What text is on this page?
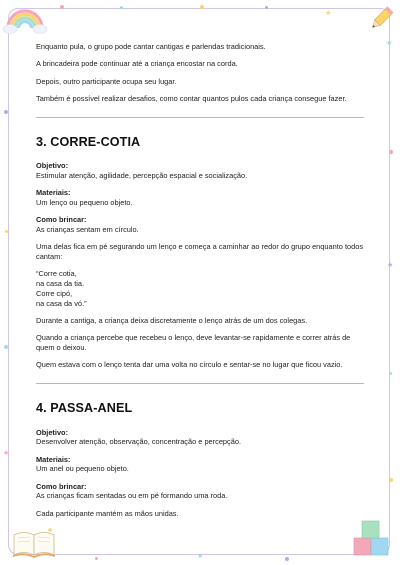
★
★
★
★
★

Enquanto pula, o grupo pode cantar cantigas e parlendas tradicionais.

A brincadeira pode continuar até a criança encostar na corda.

Depois, outro participante ocupa seu lugar.

Também é possível realizar desafios, como contar quantos pulos cada criança consegue fazer.

3. CORRE-COTIA

Objetivo:

Estimular atenção, agilidade, percepção espacial e socialização.

Materiais:

Um lenço ou pequeno objeto.

Como brincar:

As crianças sentam em círculo.

Uma delas fica em pé segurando um lenço e começa a caminhar ao redor do grupo enquanto todos cantam:

“Corre cotia,

na casa da tia.

Corre cipó,

na casa da vó.”

Durante a cantiga, a criança deixa discretamente o lenço atrás de um dos colegas.

Quando a criança percebe que recebeu o lenço, deve levantar-se rapidamente e correr atrás de quem o deixou.

Quem estava com o lenço tenta dar uma volta no círculo e sentar-se no lugar que ficou vazio.

4. PASSA-ANEL

Objetivo:

Desenvolver atenção, observação, concentração e percepção.

Materiais:

Um anel ou pequeno objeto.

Como brincar:

As crianças ficam sentadas ou em pé formando uma roda.

Cada participante mantém as mãos unidas.
